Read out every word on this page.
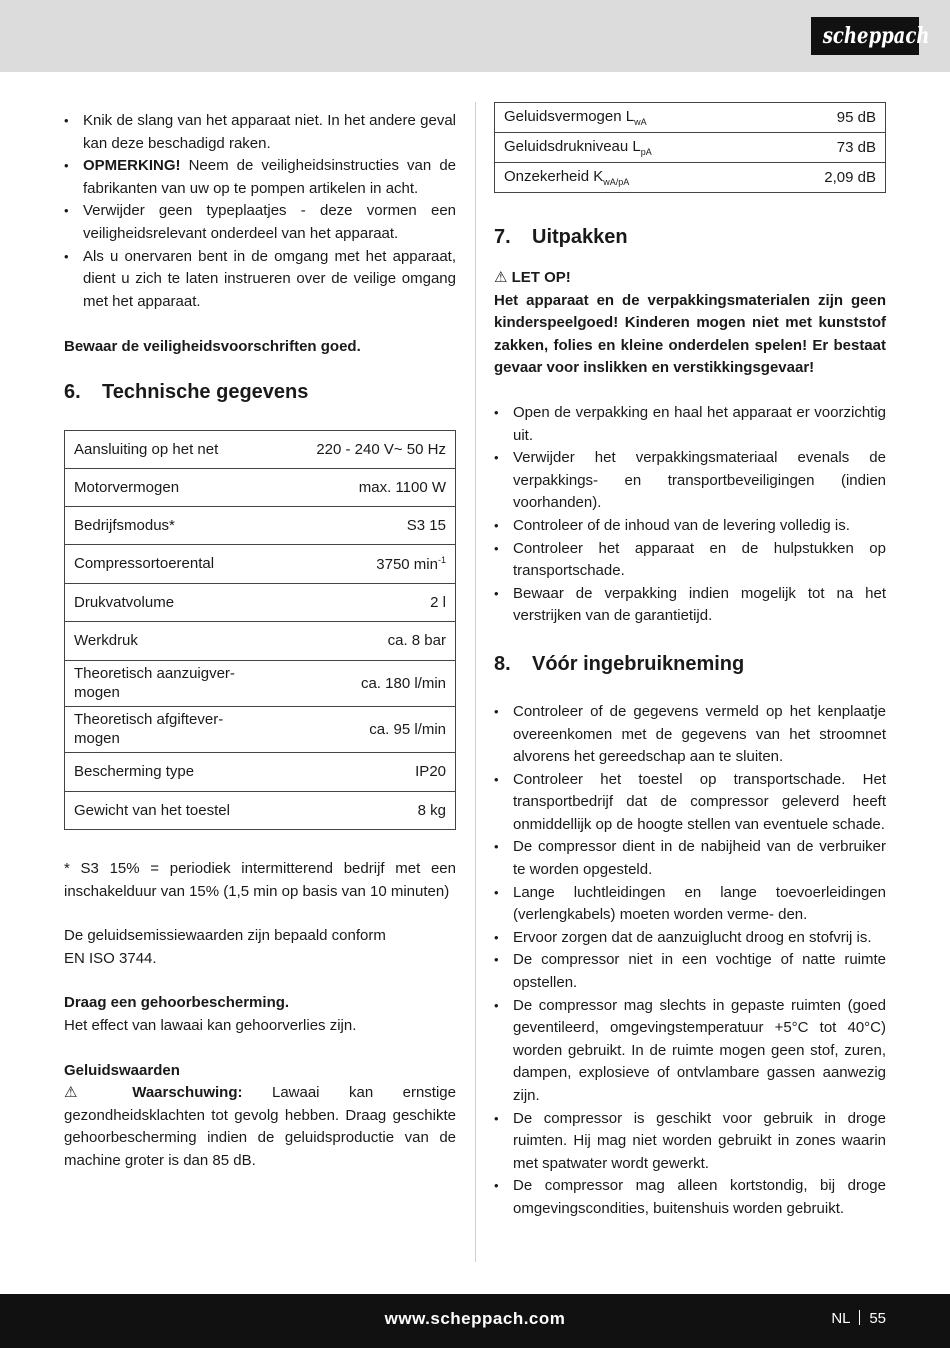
scheppach
• Knik de slang van het apparaat niet. In het andere geval kan deze beschadigd raken.
• OPMERKING! Neem de veiligheidsinstructies van de fabrikanten van uw op te pompen artikelen in acht.
• Verwijder geen typeplaatjes - deze vormen een veiligheidsrelevant onderdeel van het apparaat.
• Als u onervaren bent in de omgang met het apparaat, dient u zich te laten instrueren over de veilige omgang met het apparaat.

Bewaar de veiligheidsvoorschriften goed.

6.	Technische gegevens
Aansluiting op het net	220 - 240 V~ 50 Hz
Motorvermogen	max. 1100 W
Bedrijfsmodus*	S3 15
Compressortoerental	3750 $\min^{-1}$
Drukvatvolume	2 l
Werkdruk	ca. 8 bar
Theoretisch aanzuigver-
mogen	ca. 180 l/min
Theoretisch afgiftever-
mogen	ca. 95 l/min
Bescherming type	IP20
Gewicht van het toestel	8 kg

* S3 15% = periodiek intermitterend bedrijf met een inschakelduur van 15% (1,5 min op basis van 10 minuten)

De geluidsemissiewaarden zijn bepaald conform
EN ISO 3744.

Draag een gehoorbescherming.
Het effect van lawaai kan gehoorverlies zijn.

Geluidswaarden
⚠ Waarschuwing: Lawaai kan ernstige gezondheidsklachten tot gevolg hebben. Draag geschikte gehoorbescherming indien de geluidsproductie van de machine groter is dan 85 dB.

Geluidsvermogen $L_{wA}$	95 dB
Geluidsdrukniveau $L_{pA}$	73 dB
Onzekerheid $K_{wA/pA}$	2,09 dB
7.	Uitpakken

⚠ LET OP!
Het apparaat en de verpakkingsmaterialen zijn geen kinderspeelgoed! Kinderen mogen niet met kunststof zakken, folies en kleine onderdelen spelen! Er bestaat gevaar voor inslikken en verstikkingsgevaar!

• Open de verpakking en haal het apparaat er voorzichtig uit.
• Verwijder het verpakkingsmateriaal evenals de verpakkings- en transportbeveiligingen (indien voorhanden).
• Controleer of de inhoud van de levering volledig is.
• Controleer het apparaat en de hulpstukken op transportschade.
• Bewaar de verpakking indien mogelijk tot na het verstrijken van de garantietijd.
8.	Vóór ingebruikneming
• Controleer of de gegevens vermeld op het kenplaatje overeenkomen met de gegevens van het stroomnet alvorens het gereedschap aan te sluiten.
• Controleer het toestel op transportschade. Het transportbedrijf dat de compressor geleverd heeft onmiddellijk op de hoogte stellen van eventuele schade.
• De compressor dient in de nabijheid van de verbruiker te worden opgesteld.
• Lange luchtleidingen en lange toevoerleidingen (verlengkabels) moeten worden verme- den.
• Ervoor zorgen dat de aanzuiglucht droog en stofvrij is.
• De compressor niet in een vochtige of natte ruimte opstellen.
• De compressor mag slechts in gepaste ruimten (goed geventileerd, omgevingstemperatuur +5°C tot 40°C) worden gebruikt. In de ruimte mogen geen stof, zuren, dampen, explosieve of ontvlambare gassen aanwezig zijn.
• De compressor is geschikt voor gebruik in droge ruimten. Hij mag niet worden gebruikt in zones waarin met spatwater wordt gewerkt.
• De compressor mag alleen kortstondig, bij droge omgevingscondities, buitenshuis worden gebruikt.
www.scheppach.com	NL 55
